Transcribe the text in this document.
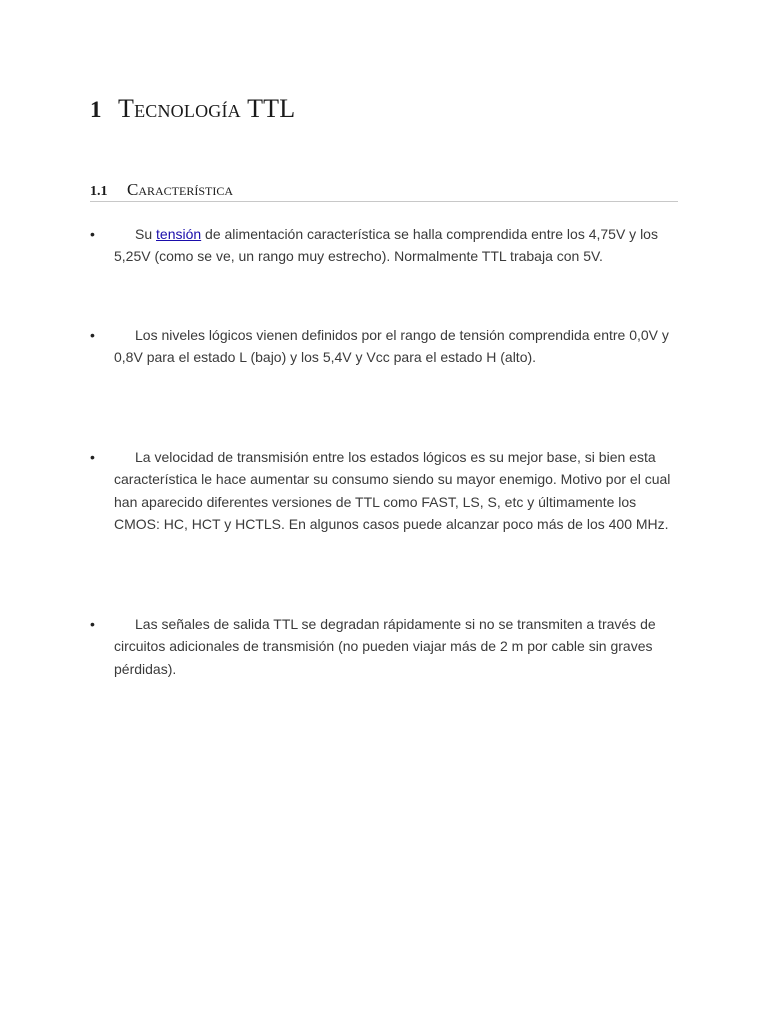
1 Tecnología TTL
1.1 Característica
•	Su tensión de alimentación característica se halla comprendida entre los 4,75V y los 5,25V (como se ve, un rango muy estrecho). Normalmente TTL trabaja con 5V.
•	Los niveles lógicos vienen definidos por el rango de tensión comprendida entre 0,0V y 0,8V para el estado L (bajo) y los 5,4V y Vcc para el estado H (alto).
•	La velocidad de transmisión entre los estados lógicos es su mejor base, si bien esta característica le hace aumentar su consumo siendo su mayor enemigo. Motivo por el cual han aparecido diferentes versiones de TTL como FAST, LS, S, etc y últimamente los CMOS: HC, HCT y HCTLS. En algunos casos puede alcanzar poco más de los 400 MHz.
•	Las señales de salida TTL se degradan rápidamente si no se transmiten a través de circuitos adicionales de transmisión (no pueden viajar más de 2 m por cable sin graves pérdidas).
